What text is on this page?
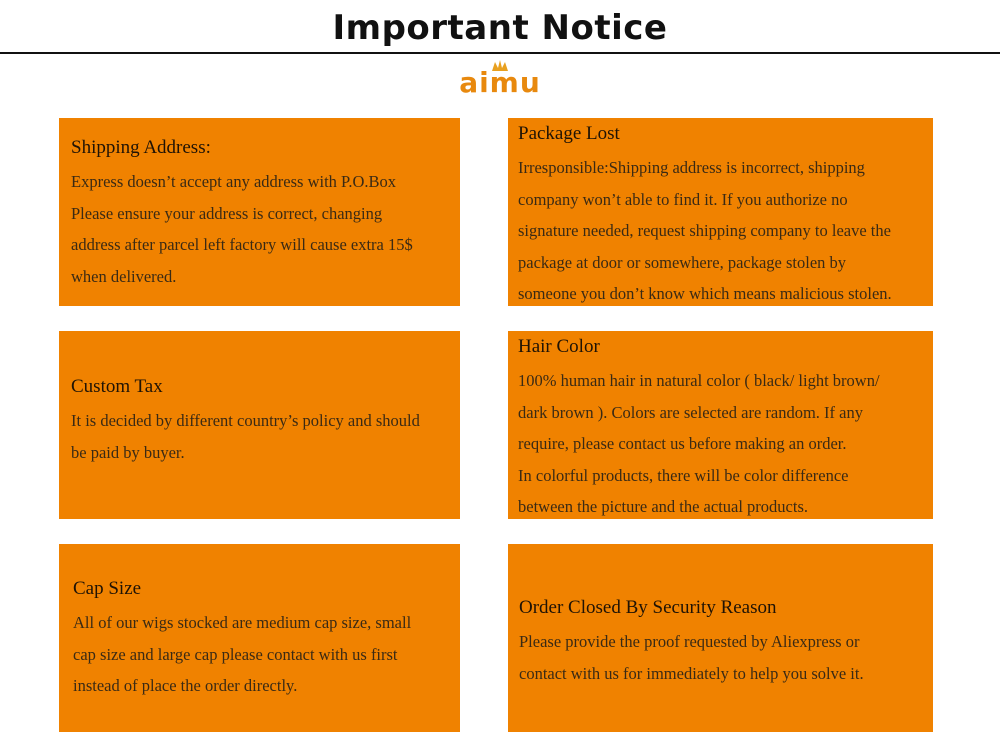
Important Notice
aimu
Shipping Address:
Express doesn’t accept any address with P.O.Box
Please ensure your address is correct, changing
address after parcel left factory will cause extra 15$
when delivered.
Package Lost
Irresponsible:Shipping address is incorrect, shipping
company won’t able to find it. If you authorize no
signature needed, request shipping company to leave the
package at door or somewhere, package stolen by
someone you don’t know which means malicious stolen.
Custom Tax
It is decided by different country’s policy and should
be paid by buyer.
Hair Color
100% human hair in natural color ( black/ light brown/
dark brown ). Colors are selected are random. If any
require, please contact us before making an order.
In colorful products, there will be color difference
between the picture and the actual products.
Cap Size
All of our wigs stocked are medium cap size, small
cap size and large cap please contact with us first
instead of place the order directly.
Order Closed By Security Reason
Please provide the proof requested by Aliexpress or
contact with us for immediately to help you solve it.
